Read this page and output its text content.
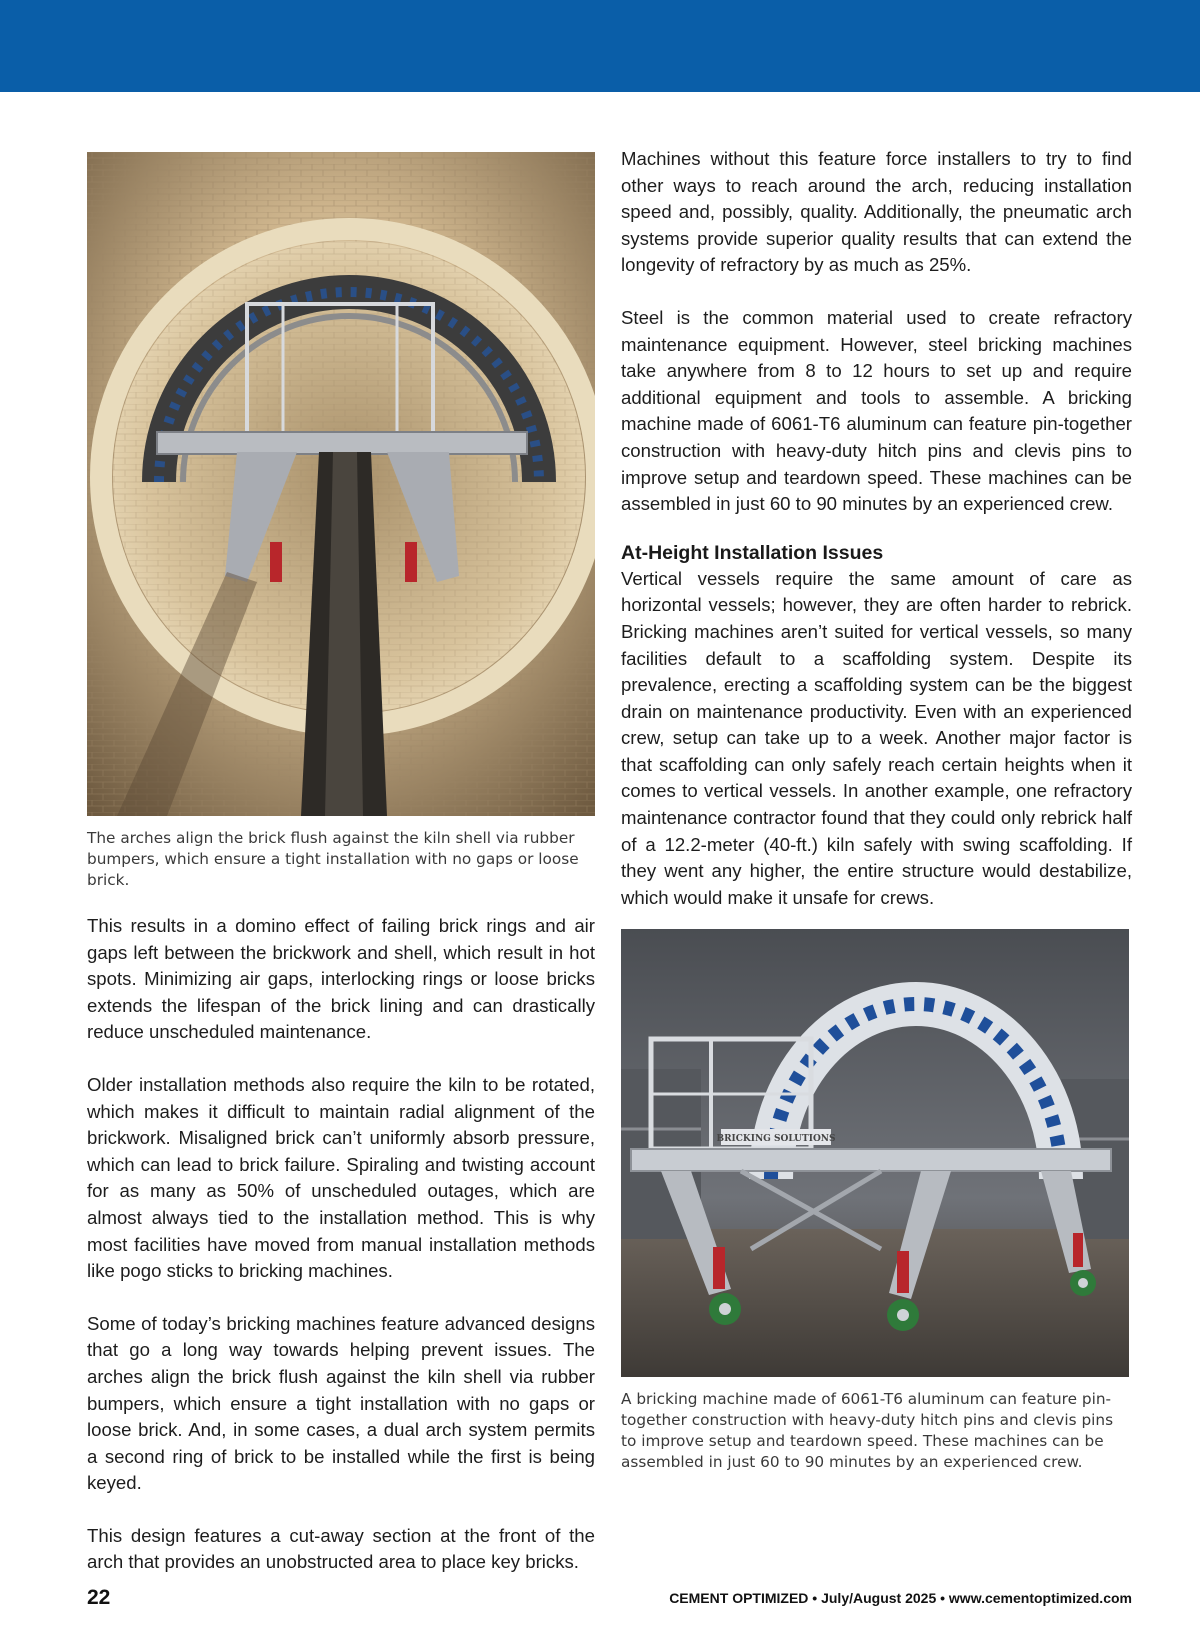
The arches align the brick flush against the kiln shell via rubber bumpers, which ensure a tight installation with no gaps or loose brick.

This results in a domino effect of failing brick rings and air gaps left between the brickwork and shell, which result in hot spots. Minimizing air gaps, interlocking rings or loose bricks extends the lifespan of the brick lining and can drastically reduce unscheduled maintenance.

Older installation methods also require the kiln to be rotated, which makes it difficult to maintain radial alignment of the brickwork. Misaligned brick can’t uniformly absorb pressure, which can lead to brick failure. Spiraling and twisting account for as many as 50% of unscheduled outages, which are almost always tied to the installation method. This is why most facilities have moved from manual installation methods like pogo sticks to bricking machines.

Some of today’s bricking machines feature advanced designs that go a long way towards helping prevent issues. The arches align the brick flush against the kiln shell via rubber bumpers, which ensure a tight installation with no gaps or loose brick. And, in some cases, a dual arch system permits a second ring of brick to be installed while the first is being keyed.

This design features a cut-away section at the front of the arch that provides an unobstructed area to place key bricks.

Machines without this feature force installers to try to find other ways to reach around the arch, reducing installation speed and, possibly, quality. Additionally, the pneumatic arch systems provide superior quality results that can extend the longevity of refractory by as much as 25%.

Steel is the common material used to create refractory maintenance equipment. However, steel bricking machines take anywhere from 8 to 12 hours to set up and require additional equipment and tools to assemble. A bricking machine made of 6061-T6 aluminum can feature pin-together construction with heavy-duty hitch pins and clevis pins to improve setup and teardown speed. These machines can be assembled in just 60 to 90 minutes by an experienced crew.

At-Height Installation Issues

Vertical vessels require the same amount of care as horizontal vessels; however, they are often harder to rebrick. Bricking machines aren’t suited for vertical vessels, so many facilities default to a scaffolding system. Despite its prevalence, erecting a scaffolding system can be the biggest drain on maintenance productivity. Even with an experienced crew, setup can take up to a week. Another major factor is that scaffolding can only safely reach certain heights when it comes to vertical vessels. In another example, one refractory maintenance contractor found that they could only rebrick half of a 12.2-meter (40-ft.) kiln safely with swing scaffolding. If they went any higher, the entire structure would destabilize, which would make it unsafe for crews.

BRICKING SOLUTIONS

A bricking machine made of 6061-T6 aluminum can feature pin-together construction with heavy-duty hitch pins and clevis pins to improve setup and teardown speed. These machines can be assembled in just 60 to 90 minutes by an experienced crew.

22	CEMENT OPTIMIZED • July/August 2025 • www.cementoptimized.com
